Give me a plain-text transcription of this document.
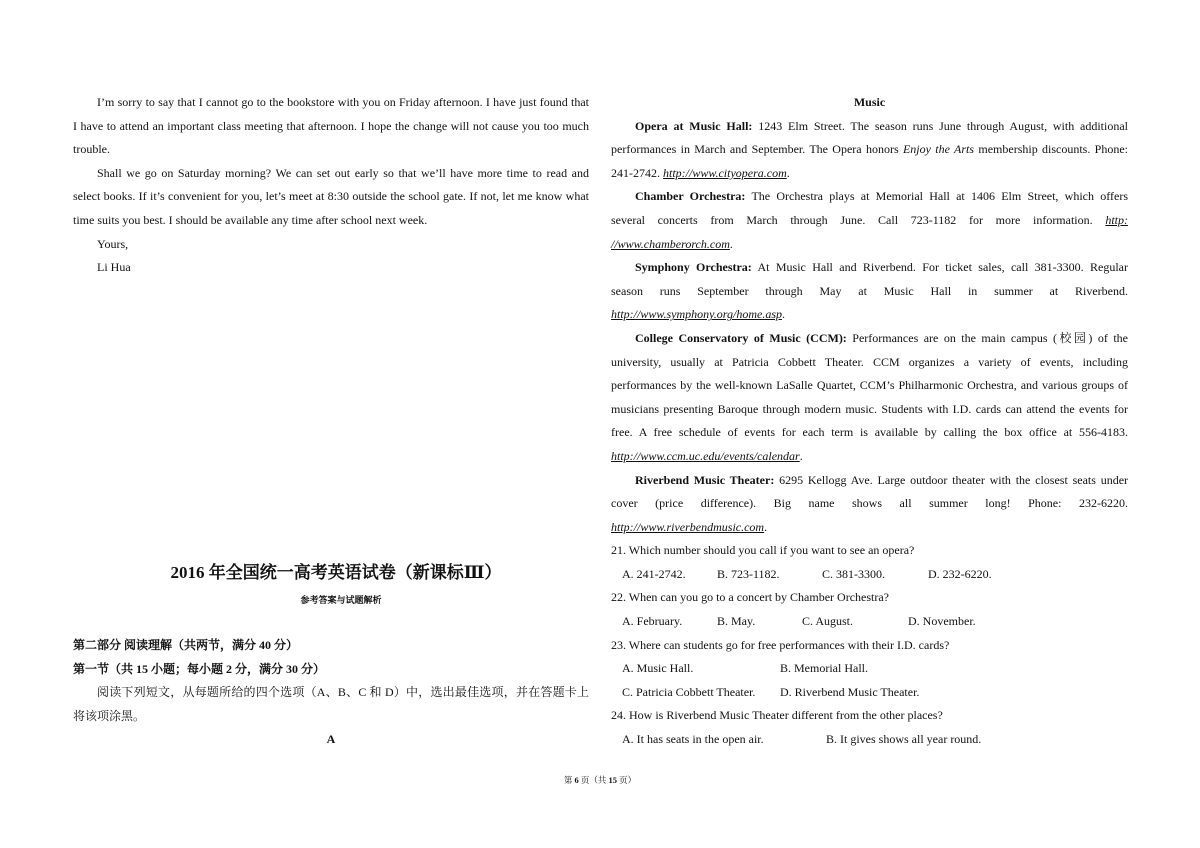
I’m sorry to say that I cannot go to the bookstore with you on Friday afternoon. I have just found that
I have to attend an important class meeting that afternoon. I hope the change will not cause you too much
trouble.
Shall we go on Saturday morning? We can set out early so that we’ll have more time to read and
select books. If it’s convenient for you, let’s meet at 8:30 outside the school gate. If not, let me know what
time suits you best. I should be available any time after school next week.
Yours,
Li Hua
2016 年全国统一高考英语试卷（新课标Ⅲ）
参考答案与试题解析
第二部分 阅读理解（共两节，满分 40 分）
第一节（共 15 小题；每小题 2 分，满分 30 分）
阅读下列短文，从每题所给的四个选项（A、B、C 和 D）中，选出最佳选项，并在答题卡上
将该项涂黑。
A
Music
Opera at Music Hall: 1243 Elm Street. The season runs June through August, with additional
performances in March and September. The Opera honors Enjoy the Arts membership discounts. Phone:
241-2742. http://www.cityopera.com.
Chamber Orchestra: The Orchestra plays at Memorial Hall at 1406 Elm Street, which offers
several concerts from March through June. Call 723-1182 for more information. http:
//www.chamberorch.com.
Symphony Orchestra: At Music Hall and Riverbend. For ticket sales, call 381-3300. Regular
season runs September through May at Music Hall in summer at Riverbend.
http://www.symphony.org/home.asp.
College Conservatory of Music (CCM): Performances are on the main campus (校园) of the
university, usually at Patricia Cobbett Theater. CCM organizes a variety of events, including
performances by the well-known LaSalle Quartet, CCM’s Philharmonic Orchestra, and various groups of
musicians presenting Baroque through modern music. Students with I.D. cards can attend the events for
free. A free schedule of events for each term is available by calling the box office at 556-4183.
http://www.ccm.uc.edu/events/calendar.
Riverbend Music Theater: 6295 Kellogg Ave. Large outdoor theater with the closest seats under
cover (price difference). Big name shows all summer long! Phone: 232-6220.
http://www.riverbendmusic.com.
21. Which number should you call if you want to see an opera?
A. 241-2742.	B. 723-1182.	C. 381-3300.	D. 232-6220.
22. When can you go to a concert by Chamber Orchestra?
A. February.	B. May.	C. August.	D. November.
23. Where can students go for free performances with their I.D. cards?
A. Music Hall.	B. Memorial Hall.
C. Patricia Cobbett Theater. D. Riverbend Music Theater.
24. How is Riverbend Music Theater different from the other places?
A. It has seats in the open air.	B. It gives shows all year round.
第 6 页（共 15 页）
